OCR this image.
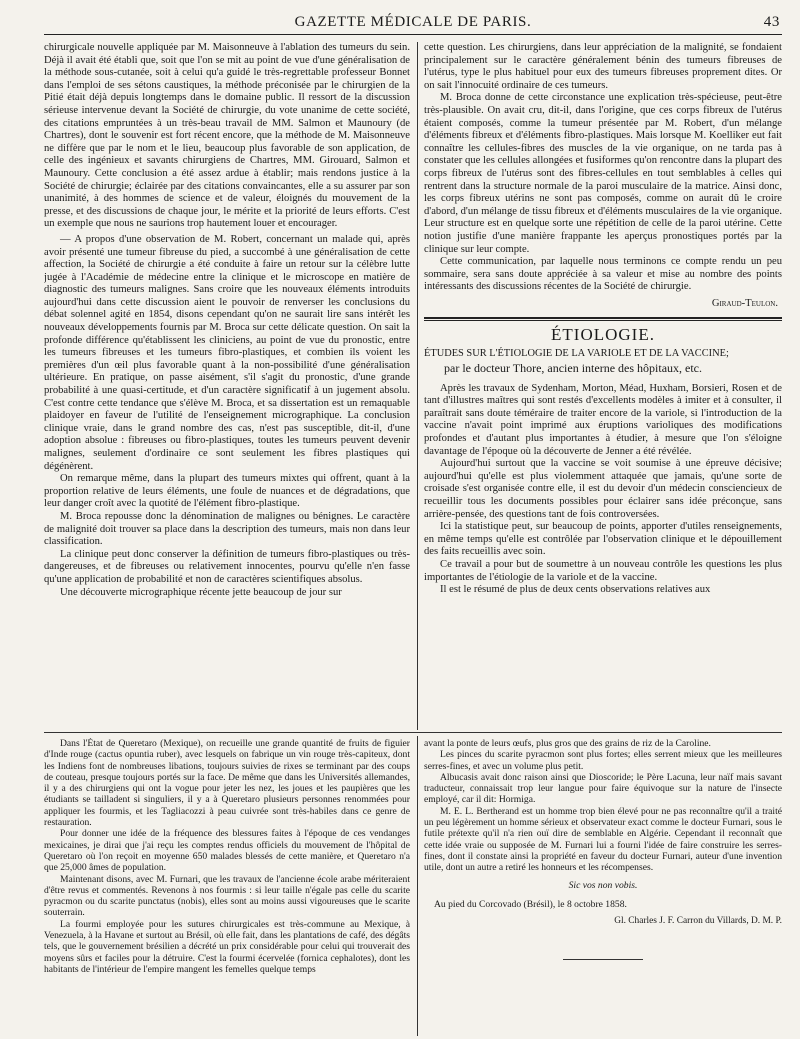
GAZETTE MÉDICALE DE PARIS.	43

chirurgicale nouvelle appliquée par M. Maisonneuve à l'ablation des tumeurs du sein. Déjà il avait été établi que, soit que l'on se mit au point de vue d'une généralisation de la méthode sous-cutanée, soit à celui qu'a guidé le très-regrettable professeur Bonnet dans l'emploi de ses sétons caustiques, la méthode préconisée par le chirurgien de la Pitié était déjà depuis longtemps dans le domaine public. Il ressort de la discussion sérieuse intervenue devant la Société de chirurgie, du vote unanime de cette société, des citations empruntées à un très-beau travail de MM. Salmon et Maunoury (de Chartres), dont le souvenir est fort récent encore, que la méthode de M. Maisonneuve ne diffère que par le nom et le lieu, beaucoup plus favorable de son application, de celle des ingénieux et savants chirurgiens de Chartres, MM. Girouard, Salmon et Maunoury. Cette conclusion a été assez ardue à établir; mais rendons justice à la Société de chirurgie; éclairée par des citations convaincantes, elle a su assurer par son unanimité, à des hommes de science et de valeur, éloignés du mouvement de la presse, et des discussions de chaque jour, le mérite et la priorité de leurs efforts. C'est un exemple que nous ne saurions trop hautement louer et encourager.

— A propos d'une observation de M. Robert, concernant un malade qui, après avoir présenté une tumeur fibreuse du pied, a succombé à une généralisation de cette affection, la Société de chirurgie a été conduite à faire un retour sur la célèbre lutte jugée à l'Académie de médecine entre la clinique et le microscope en matière de diagnostic des tumeurs malignes. Sans croire que les nouveaux éléments introduits aujourd'hui dans cette discussion aient le pouvoir de renverser les conclusions du débat solennel agité en 1854, disons cependant qu'on ne saurait lire sans intérêt les nouveaux développements fournis par M. Broca sur cette délicate question. On sait la profonde différence qu'établissent les cliniciens, au point de vue du pronostic, entre les tumeurs fibreuses et les tumeurs fibro-plastiques, et combien ils voient les premières d'un œil plus favorable quant à la non-possibilité d'une généralisation ultérieure. En pratique, on passe aisément, s'il s'agit du pronostic, d'une grande probabilité à une quasi-certitude, et d'un caractère significatif à un jugement absolu. C'est contre cette tendance que s'élève M. Broca, et sa dissertation est un remaquable plaidoyer en faveur de l'utilité de l'enseignement micrographique. La conclusion clinique vraie, dans le grand nombre des cas, n'est pas susceptible, dit-il, d'une adoption absolue : fibreuses ou fibro-plastiques, toutes les tumeurs peuvent devenir malignes, seulement d'ordinaire ce sont seulement les fibres plastiques qui dégénèrent.

On remarque même, dans la plupart des tumeurs mixtes qui offrent, quant à la proportion relative de leurs éléments, une foule de nuances et de dégradations, que leur danger croît avec la quotité de l'élément fibro-plastique.

M. Broca repousse donc la dénomination de malignes ou bénignes. Le caractère de malignité doit trouver sa place dans la description des tumeurs, mais non dans leur classification.

La clinique peut donc conserver la définition de tumeurs fibro-plastiques ou très-dangereuses, et de fibreuses ou relativement innocentes, pourvu qu'elle n'en fasse qu'une application de probabilité et non de caractères scientifiques absolus.

Une découverte micrographique récente jette beaucoup de jour sur

cette question. Les chirurgiens, dans leur appréciation de la malignité, se fondaient principalement sur le caractère généralement bénin des tumeurs fibreuses de l'utérus, type le plus habituel pour eux des tumeurs fibreuses proprement dites. Or on sait l'innocuité ordinaire de ces tumeurs.

M. Broca donne de cette circonstance une explication très-spécieuse, peut-être très-plausible. On avait cru, dit-il, dans l'origine, que ces corps fibreux de l'utérus étaient composés, comme la tumeur présentée par M. Robert, d'un mélange d'éléments fibreux et d'éléments fibro-plastiques. Mais lorsque M. Koelliker eut fait connaître les cellules-fibres des muscles de la vie organique, on ne tarda pas à constater que les cellules allongées et fusiformes qu'on rencontre dans la plupart des corps fibreux de l'utérus sont des fibres-cellules en tout semblables à celles qui rentrent dans la structure normale de la paroi musculaire de la matrice. Ainsi donc, les corps fibreux utérins ne sont pas composés, comme on aurait dû le croire d'abord, d'un mélange de tissu fibreux et d'éléments musculaires de la vie organique. Leur structure est en quelque sorte une répétition de celle de la paroi utérine. Cette notion justifie d'une manière frappante les aperçus pronostiques portés par la clinique sur leur compte.

Cette communication, par laquelle nous terminons ce compte rendu un peu sommaire, sera sans doute appréciée à sa valeur et mise au nombre des points intéressants des discussions récentes de la Société de chirurgie.

Giraud-Teulon.
ÉTIOLOGIE.

ÉTUDES SUR L'ÉTIOLOGIE DE LA VARIOLE ET DE LA VACCINE;

par le docteur Thore, ancien interne des hôpitaux, etc.

Après les travaux de Sydenham, Morton, Méad, Huxham, Borsieri, Rosen et de tant d'illustres maîtres qui sont restés d'excellents modèles à imiter et à consulter, il paraîtrait sans doute téméraire de traiter encore de la variole, si l'introduction de la vaccine n'avait point imprimé aux éruptions varioliques des modifications profondes et d'autant plus importantes à étudier, à mesure que l'on s'éloigne davantage de l'époque où la découverte de Jenner a été révélée.

Aujourd'hui surtout que la vaccine se voit soumise à une épreuve décisive; aujourd'hui qu'elle est plus violemment attaquée que jamais, qu'une sorte de croisade s'est organisée contre elle, il est du devoir d'un médecin consciencieux de recueillir tous les documents possibles pour éclairer sans idée préconçue, sans arrière-pensée, des questions tant de fois controversées.

Ici la statistique peut, sur beaucoup de points, apporter d'utiles renseignements, en même temps qu'elle est contrôlée par l'observation clinique et le dépouillement des faits recueillis avec soin.

Ce travail a pour but de soumettre à un nouveau contrôle les questions les plus importantes de l'étiologie de la variole et de la vaccine.

Il est le résumé de plus de deux cents observations relatives aux

Dans l'État de Queretaro (Mexique), on recueille une grande quantité de fruits de figuier d'Inde rouge (cactus opuntia ruber), avec lesquels on fabrique un vin rouge très-capiteux, dont les Indiens font de nombreuses libations, toujours suivies de rixes se terminant par des coups de couteau, presque toujours portés sur la face. De même que dans les Universités allemandes, il y a des chirurgiens qui ont la vogue pour jeter les nez, les joues et les paupières que les étudiants se tailladent si singuliers, il y a à Queretaro plusieurs personnes renommées pour appliquer les fourmis, et les Tagliacozzi à peau cuivrée sont très-habiles dans ce genre de restauration.

Pour donner une idée de la fréquence des blessures faites à l'époque de ces vendanges mexicaines, je dirai que j'ai reçu les comptes rendus officiels du mouvement de l'hôpital de Queretaro où l'on reçoit en moyenne 650 malades blessés de cette manière, et Queretaro n'a que 25,000 âmes de population.

Maintenant disons, avec M. Furnari, que les travaux de l'ancienne école arabe mériteraient d'être revus et commentés. Revenons à nos fourmis : si leur taille n'égale pas celle du scarite pyracmon ou du scarite punctatus (nobis), elles sont au moins aussi vigoureuses que le scarite souterrain.

La fourmi employée pour les sutures chirurgicales est très-commune au Mexique, à Venezuela, à la Havane et surtout au Brésil, où elle fait, dans les plantations de café, des dégâts tels, que le gouvernement brésilien a décrété un prix considérable pour celui qui trouverait des moyens sûrs et faciles pour la détruire. C'est la fourmi écervelée (fornica cephalotes), dont les habitants de l'intérieur de l'empire mangent les femelles quelque temps

avant la ponte de leurs œufs, plus gros que des grains de riz de la Caroline.

Les pinces du scarite pyracmon sont plus fortes; elles serrent mieux que les meilleures serres-fines, et avec un volume plus petit.

Albucasis avait donc raison ainsi que Dioscoride; le Père Lacuna, leur naïf mais savant traducteur, connaissait trop leur langue pour faire équivoque sur la nature de l'insecte employé, car il dit: Hormiga.

M. E. L. Bertherand est un homme trop bien élevé pour ne pas reconnaître qu'il a traité un peu légèrement un homme sérieux et observateur exact comme le docteur Furnari, sous le futile prétexte qu'il n'a rien ouï dire de semblable en Algérie. Cependant il reconnaît que cette idée vraie ou supposée de M. Furnari lui a fourni l'idée de faire construire les serres-fines, dont il constate ainsi la propriété en faveur du docteur Furnari, auteur d'une invention utile, dont un autre a retiré les honneurs et les récompenses.

Sic vos non vobis.

Au pied du Corcovado (Brésil), le 8 octobre 1858.

Gl. Charles J. F. Carron du Villards, D. M. P.
